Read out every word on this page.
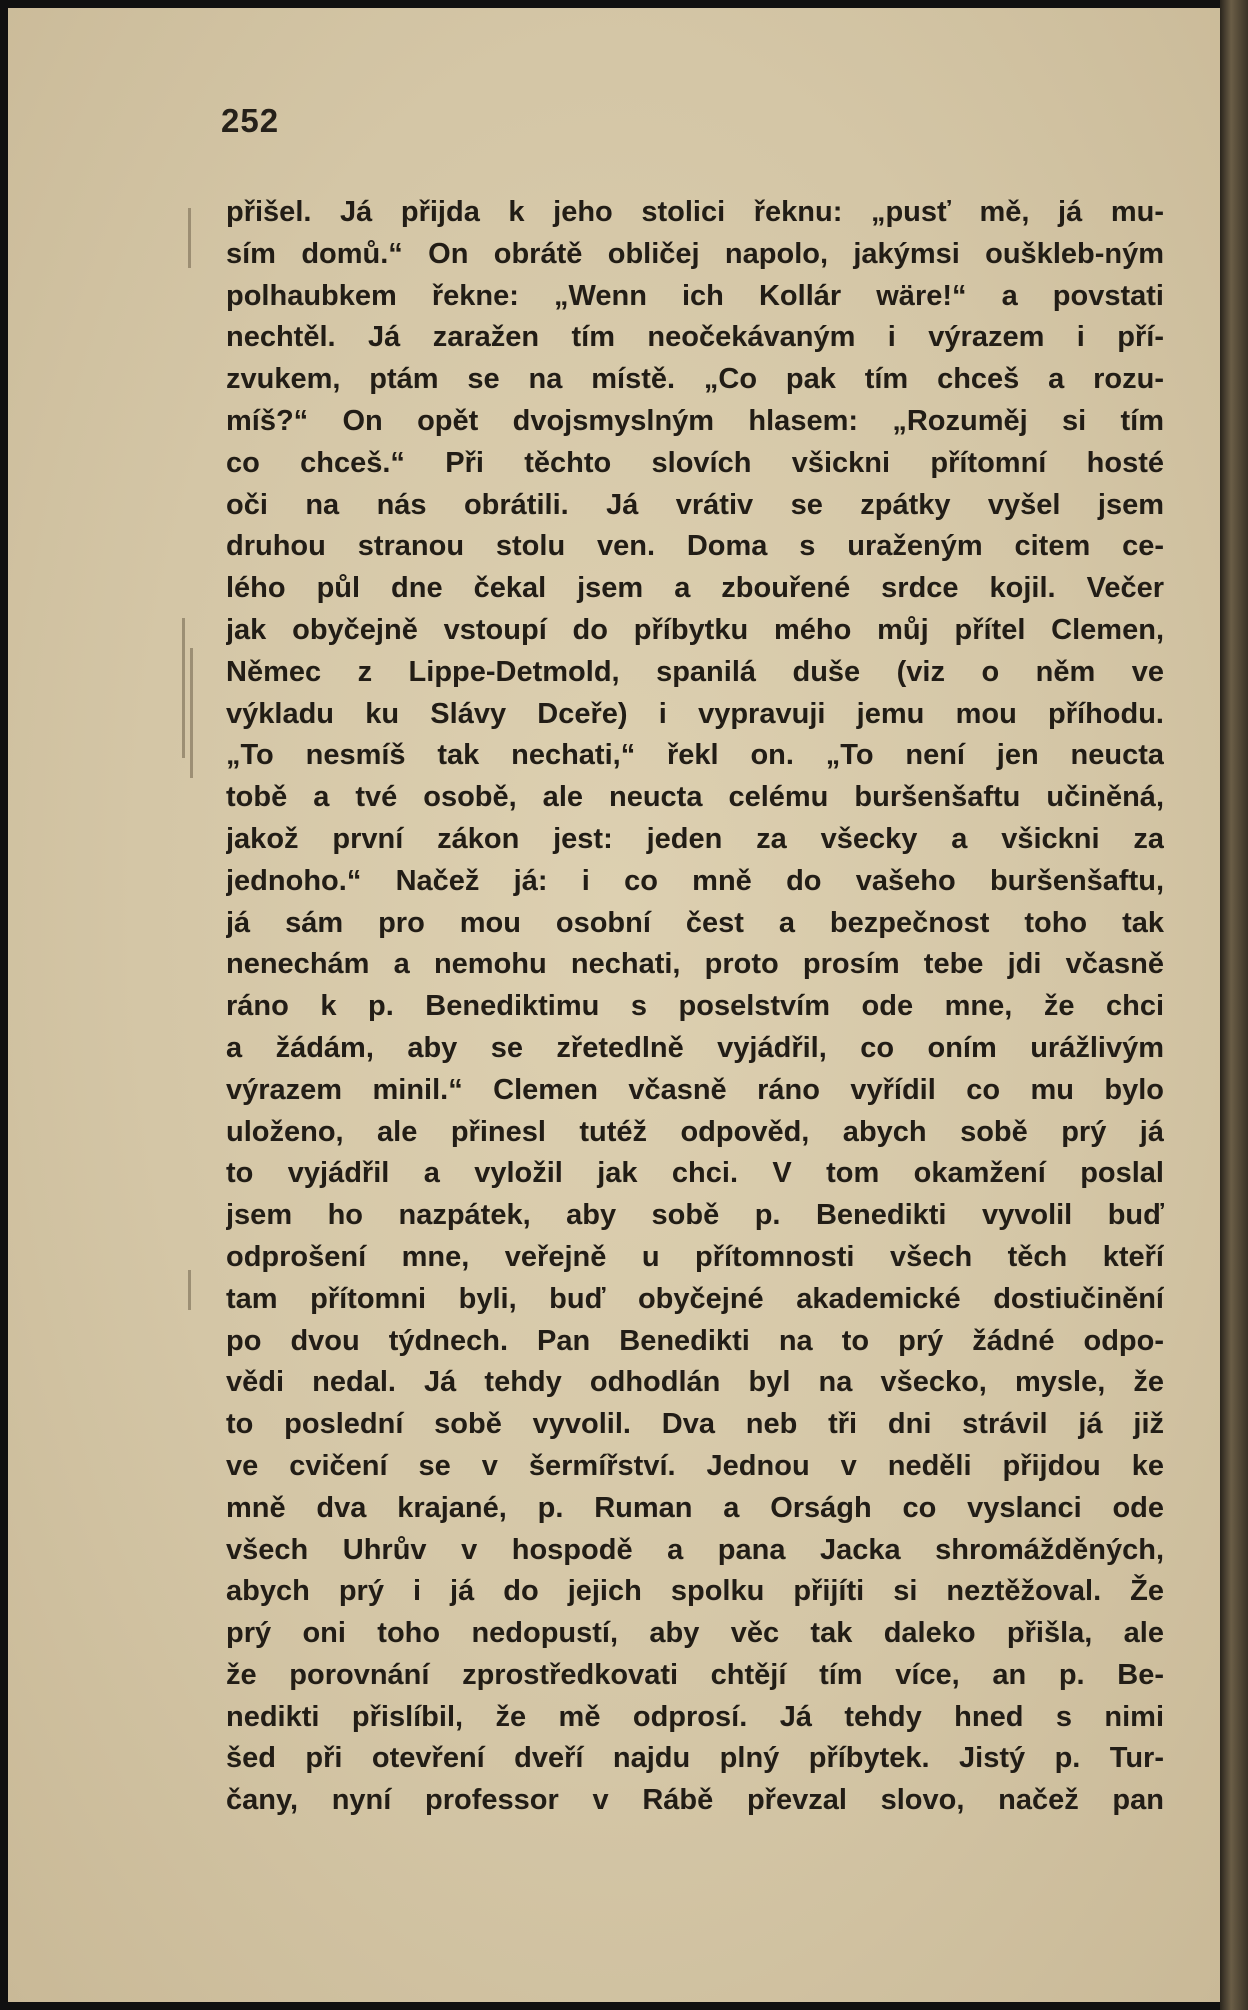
252
přišel. Já přijda k jeho stolici řeknu: „pusť mě, já mu-
sím domů.“ On obrátě obličej napolo, jakýmsi ouškleb-ným
polhaubkem řekne: „Wenn ich Kollár wäre!“ a povstati
nechtěl. Já zaražen tím neočekávaným i výrazem i pří-
zvukem, ptám se na místě. „Co pak tím chceš a rozu-
míš?“ On opět dvojsmyslným hlasem: „Rozuměj si tím
co chceš.“ Při těchto slovích všickni přítomní hosté
oči na nás obrátili. Já vrátiv se zpátky vyšel jsem
druhou stranou stolu ven. Doma s uraženým citem ce-
lého půl dne čekal jsem a zbouřené srdce kojil. Večer
jak obyčejně vstoupí do příbytku mého můj přítel Clemen,
Němec z Lippe-Detmold, spanilá duše (viz o něm ve
výkladu ku Slávy Dceře) i vypravuji jemu mou příhodu.
„To nesmíš tak nechati,“ řekl on. „To není jen neucta
tobě a tvé osobě, ale neucta celému buršenšaftu učiněná,
jakož první zákon jest: jeden za všecky a všickni za
jednoho.“ Načež já: i co mně do vašeho buršenšaftu,
já sám pro mou osobní čest a bezpečnost toho tak
nenechám a nemohu nechati, proto prosím tebe jdi včasně
ráno k p. Benediktimu s poselstvím ode mne, že chci
a žádám, aby se zřetedlně vyjádřil, co oním urážlivým
výrazem minil.“ Clemen včasně ráno vyřídil co mu bylo
uloženo, ale přinesl tutéž odpověd, abych sobě prý já
to vyjádřil a vyložil jak chci. V tom okamžení poslal
jsem ho nazpátek, aby sobě p. Benedikti vyvolil buď
odprošení mne, veřejně u přítomnosti všech těch kteří
tam přítomni byli, buď obyčejné akademické dostiučinění
po dvou týdnech. Pan Benedikti na to prý žádné odpo-
vědi nedal. Já tehdy odhodlán byl na všecko, mysle, že
to poslední sobě vyvolil. Dva neb tři dni strávil já již
ve cvičení se v šermířství. Jednou v neděli přijdou ke
mně dva krajané, p. Ruman a Orságh co vyslanci ode
všech Uhrův v hospodě a pana Jacka shromážděných,
abych prý i já do jejich spolku přijíti si neztěžoval. Že
prý oni toho nedopustí, aby věc tak daleko přišla, ale
že porovnání zprostředkovati chtějí tím více, an p. Be-
nedikti přislíbil, že mě odprosí. Já tehdy hned s nimi
šed při otevření dveří najdu plný příbytek. Jistý p. Tur-
čany, nyní professor v Rábě převzal slovo, načež pan
